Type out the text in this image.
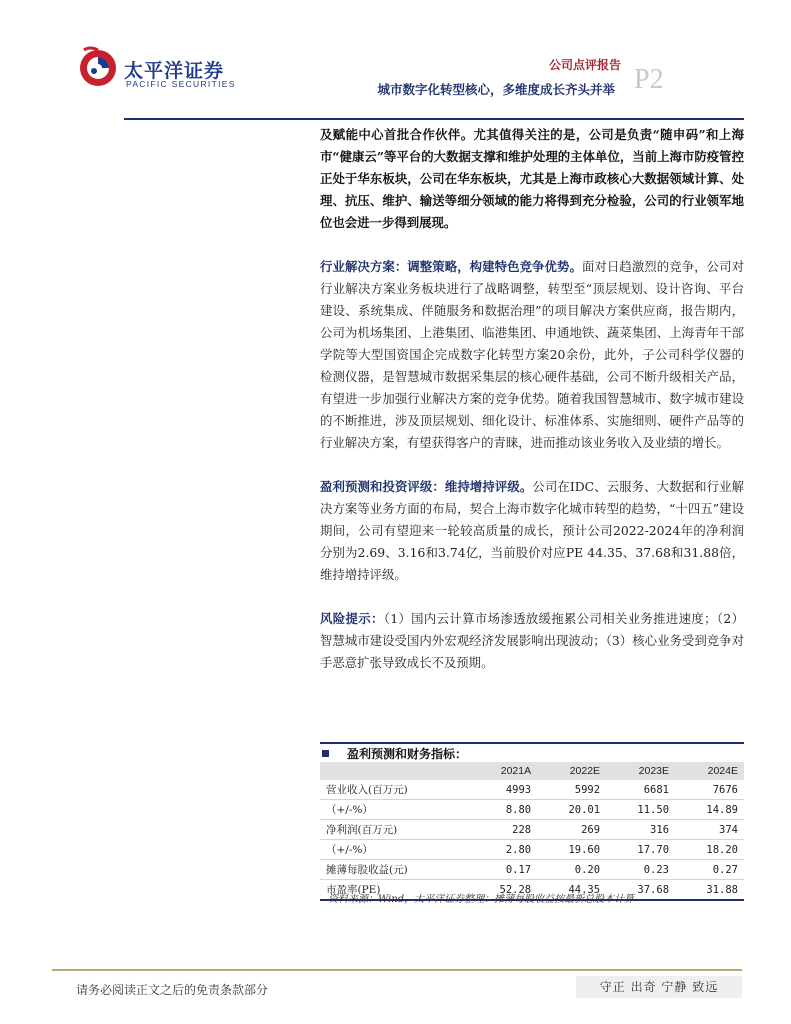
太平洋证券
PACIFIC SECURITIES
公司点评报告
城市数字化转型核心，多维度成长齐头并举 P2

及赋能中心首批合作伙伴。尤其值得关注的是，公司是负责“随申码”和上海市“健康云”等平台的大数据支撑和维护处理的主体单位，当前上海市防疫管控正处于华东板块，公司在华东板块，尤其是上海市政核心大数据领域计算、处理、抗压、维护、输送等细分领域的能力将得到充分检验，公司的行业领军地位也会进一步得到展现。

行业解决方案：调整策略，构建特色竞争优势。面对日趋激烈的竞争，公司对行业解决方案业务板块进行了战略调整，转型至“顶层规划、设计咨询、平台建设、系统集成、伴随服务和数据治理”的项目解决方案供应商，报告期内，公司为机场集团、上港集团、临港集团、申通地铁、蔬菜集团、上海青年干部学院等大型国资国企完成数字化转型方案20余份，此外，子公司科学仪器的检测仪器，是智慧城市数据采集层的核心硬件基础，公司不断升级相关产品，有望进一步加强行业解决方案的竞争优势。随着我国智慧城市、数字城市建设的不断推进，涉及顶层规划、细化设计、标准体系、实施细则、硬件产品等的行业解决方案，有望获得客户的青睐，进而推动该业务收入及业绩的增长。

盈利预测和投资评级：维持增持评级。公司在IDC、云服务、大数据和行业解决方案等业务方面的布局，契合上海市数字化城市转型的趋势，“十四五”建设期间，公司有望迎来一轮较高质量的成长，预计公司2022-2024年的净利润分别为2.69、3.16和3.74亿，当前股价对应PE 44.35、37.68和31.88倍，维持增持评级。

风险提示：（1）国内云计算市场渗透放缓拖累公司相关业务推进速度；（2）智慧城市建设受国内外宏观经济发展影响出现波动；（3）核心业务受到竞争对手恶意扩张导致成长不及预期。

盈利预测和财务指标：
	2021A	2022E	2023E	2024E
营业收入(百万元)	4993	5992	6681	7676
（+/-%）	8.80	20.01	11.50	14.89
净利润(百万元)	228	269	316	374
（+/-%）	2.80	19.60	17.70	18.20
摊薄每股收益(元)	0.17	0.20	0.23	0.27
市盈率(PE)	52.28	44.35	37.68	31.88
资料来源：Wind，太平洋证券整理：摊薄每股收益按最新总股本计算
请务必阅读正文之后的免责条款部分	守正 出奇 宁静 致远
